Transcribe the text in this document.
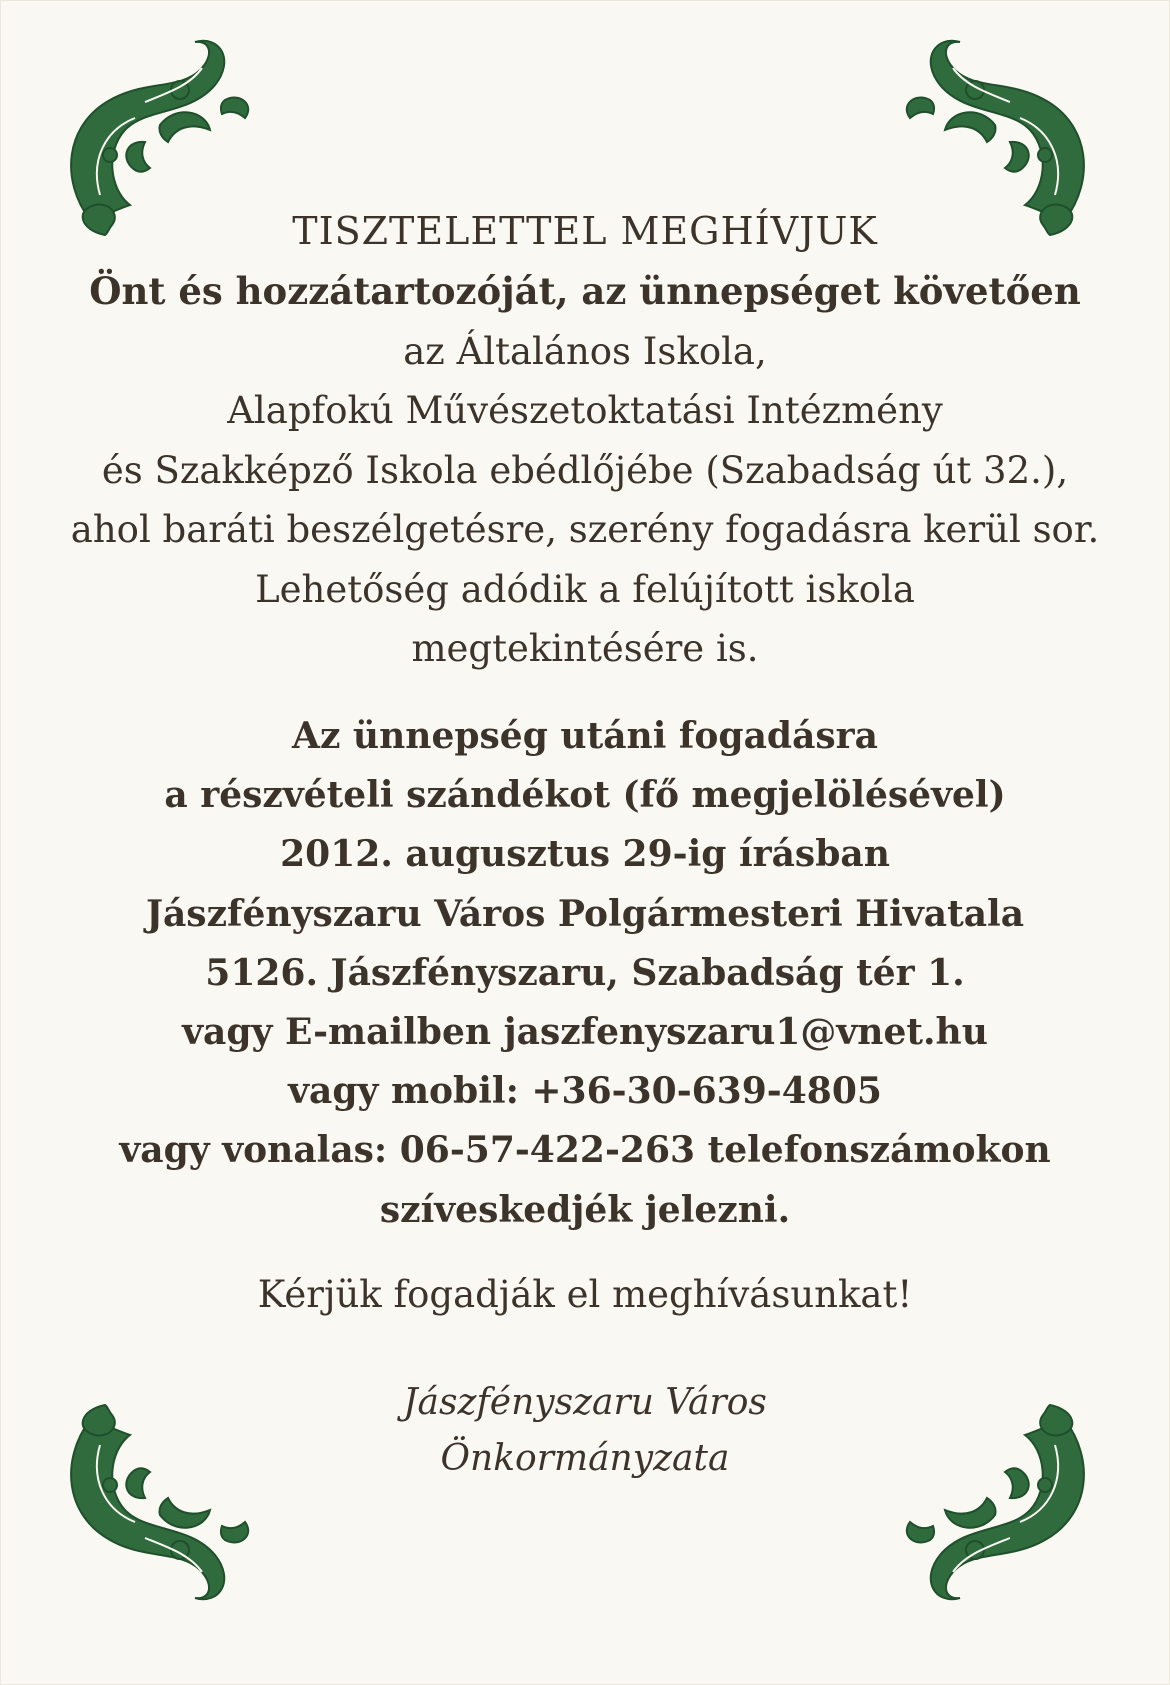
TISZTELETTEL MEGHÍVJUK
Önt és hozzátartozóját, az ünnepséget követően
az Általános Iskola,
Alapfokú Művészetoktatási Intézmény
és Szakképző Iskola ebédlőjébe (Szabadság út 32.),
ahol baráti beszélgetésre, szerény fogadásra kerül sor.
Lehetőség adódik a felújított iskola
megtekintésére is.
Az ünnepség utáni fogadásra
a részvételi szándékot (fő megjelölésével)
2012. augusztus 29-ig írásban
Jászfényszaru Város Polgármesteri Hivatala
5126. Jászfényszaru, Szabadság tér 1.
vagy E-mailben jaszfenyszaru1@vnet.hu
vagy mobil: +36-30-639-4805
vagy vonalas: 06-57-422-263 telefonszámokon
szíveskedjék jelezni.
Kérjük fogadják el meghívásunkat!
Jászfényszaru Város
Önkormányzata
